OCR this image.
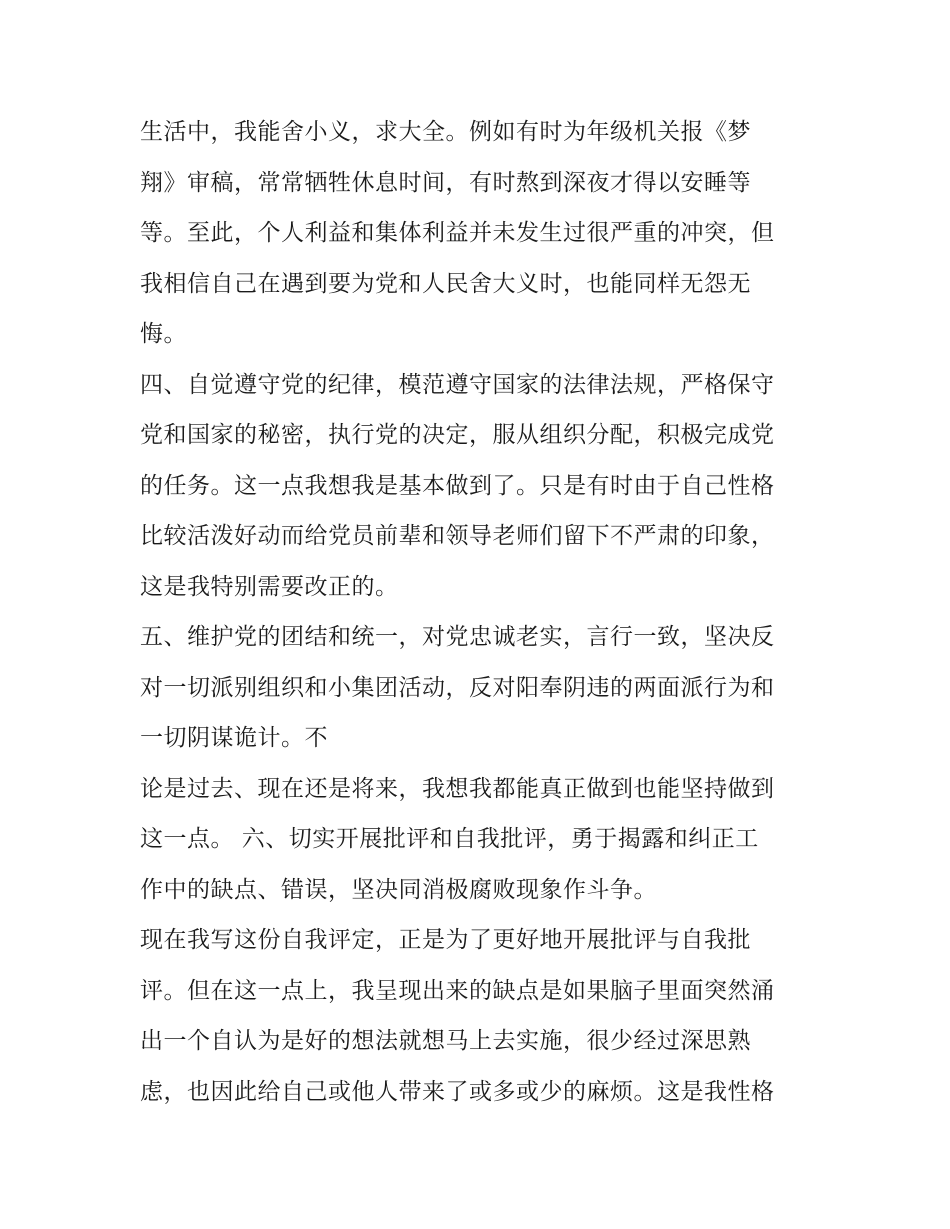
生活中，我能舍小义，求大全。例如有时为年级机关报《梦
翔》审稿，常常牺牲休息时间，有时熬到深夜才得以安睡等
等。至此，个人利益和集体利益并未发生过很严重的冲突，但
我相信自己在遇到要为党和人民舍大义时，也能同样无怨无
悔。
四、自觉遵守党的纪律，模范遵守国家的法律法规，严格保守
党和国家的秘密，执行党的决定，服从组织分配，积极完成党
的任务。这一点我想我是基本做到了。只是有时由于自己性格
比较活泼好动而给党员前辈和领导老师们留下不严肃的印象，
这是我特别需要改正的。
五、维护党的团结和统一，对党忠诚老实，言行一致，坚决反
对一切派别组织和小集团活动，反对阳奉阴违的两面派行为和
一切阴谋诡计。不
论是过去、现在还是将来，我想我都能真正做到也能坚持做到
这一点。 六、切实开展批评和自我批评，勇于揭露和纠正工
作中的缺点、错误，坚决同消极腐败现象作斗争。
现在我写这份自我评定，正是为了更好地开展批评与自我批
评。但在这一点上，我呈现出来的缺点是如果脑子里面突然涌
出一个自认为是好的想法就想马上去实施，很少经过深思熟
虑，也因此给自己或他人带来了或多或少的麻烦。这是我性格
